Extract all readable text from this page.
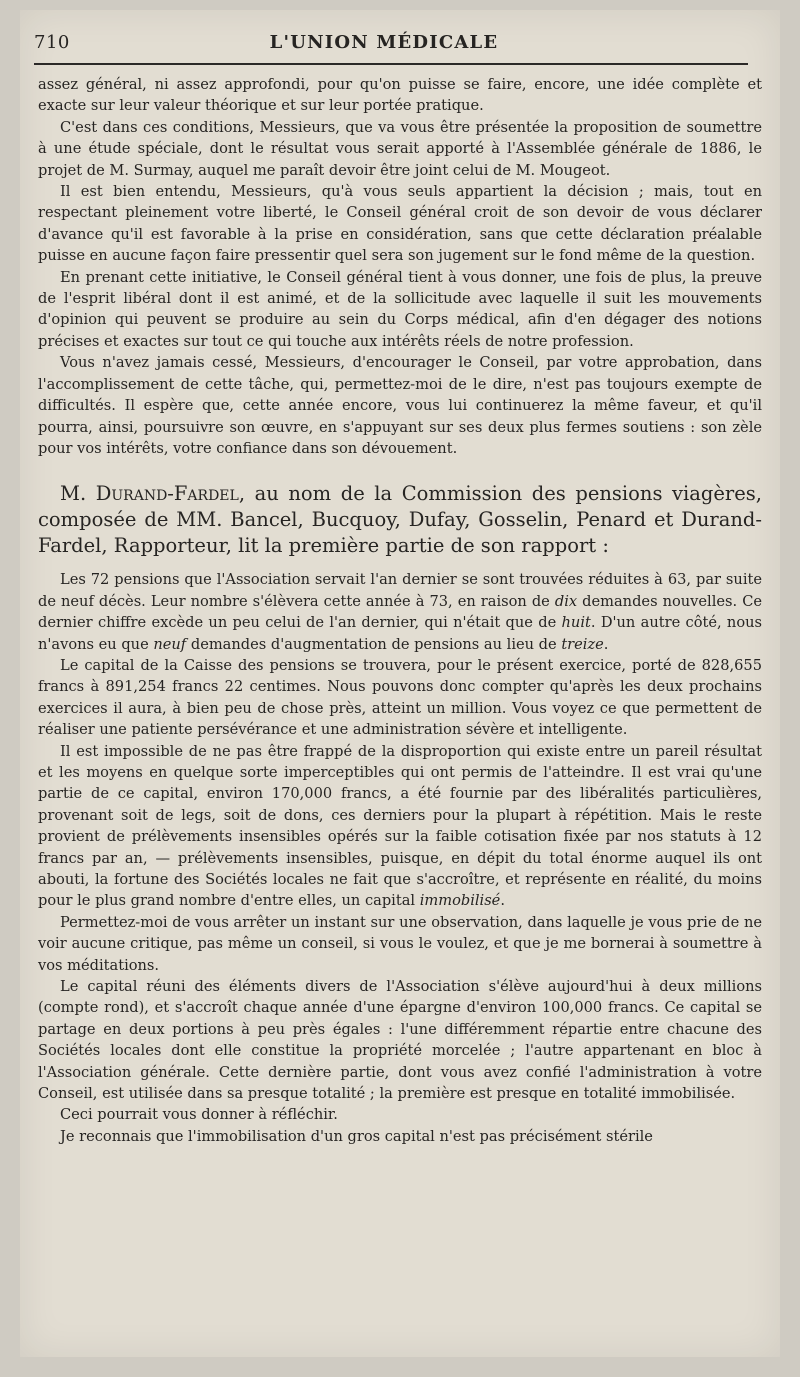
710	L'UNION MÉDICALE

assez général, ni assez approfondi, pour qu'on puisse se faire, encore, une idée complète et exacte sur leur valeur théorique et sur leur portée pratique.

C'est dans ces conditions, Messieurs, que va vous être présentée la proposition de soumettre à une étude spéciale, dont le résultat vous serait apporté à l'Assemblée générale de 1886, le projet de M. Surmay, auquel me paraît devoir être joint celui de M. Mougeot.

Il est bien entendu, Messieurs, qu'à vous seuls appartient la décision ; mais, tout en respectant pleinement votre liberté, le Conseil général croit de son devoir de vous déclarer d'avance qu'il est favorable à la prise en considération, sans que cette déclaration préalable puisse en aucune façon faire pressentir quel sera son jugement sur le fond même de la question.

En prenant cette initiative, le Conseil général tient à vous donner, une fois de plus, la preuve de l'esprit libéral dont il est animé, et de la sollicitude avec laquelle il suit les mouvements d'opinion qui peuvent se produire au sein du Corps médical, afin d'en dégager des notions précises et exactes sur tout ce qui touche aux intérêts réels de notre profession.

Vous n'avez jamais cessé, Messieurs, d'encourager le Conseil, par votre approbation, dans l'accomplissement de cette tâche, qui, permettez-moi de le dire, n'est pas toujours exempte de difficultés. Il espère que, cette année encore, vous lui continuerez la même faveur, et qu'il pourra, ainsi, poursuivre son œuvre, en s'appuyant sur ses deux plus fermes soutiens : son zèle pour vos intérêts, votre confiance dans son dévouement.

M. Durand-Fardel, au nom de la Commission des pensions viagères, composée de MM. Bancel, Bucquoy, Dufay, Gosselin, Penard et Durand-Fardel, Rapporteur, lit la première partie de son rapport :

Les 72 pensions que l'Association servait l'an dernier se sont trouvées réduites à 63, par suite de neuf décès. Leur nombre s'élèvera cette année à 73, en raison de dix demandes nouvelles. Ce dernier chiffre excède un peu celui de l'an dernier, qui n'était que de huit. D'un autre côté, nous n'avons eu que neuf demandes d'augmentation de pensions au lieu de treize.

Le capital de la Caisse des pensions se trouvera, pour le présent exercice, porté de 828,655 francs à 891,254 francs 22 centimes. Nous pouvons donc compter qu'après les deux prochains exercices il aura, à bien peu de chose près, atteint un million. Vous voyez ce que permettent de réaliser une patiente persévérance et une administration sévère et intelligente.

Il est impossible de ne pas être frappé de la disproportion qui existe entre un pareil résultat et les moyens en quelque sorte imperceptibles qui ont permis de l'atteindre. Il est vrai qu'une partie de ce capital, environ 170,000 francs, a été fournie par des libéralités particulières, provenant soit de legs, soit de dons, ces derniers pour la plupart à répétition. Mais le reste provient de prélèvements insensibles opérés sur la faible cotisation fixée par nos statuts à 12 francs par an, — prélèvements insensibles, puisque, en dépit du total énorme auquel ils ont abouti, la fortune des Sociétés locales ne fait que s'accroître, et représente en réalité, du moins pour le plus grand nombre d'entre elles, un capital immobilisé.

Permettez-moi de vous arrêter un instant sur une observation, dans laquelle je vous prie de ne voir aucune critique, pas même un conseil, si vous le voulez, et que je me bornerai à soumettre à vos méditations.

Le capital réuni des éléments divers de l'Association s'élève aujourd'hui à deux millions (compte rond), et s'accroît chaque année d'une épargne d'environ 100,000 francs. Ce capital se partage en deux portions à peu près égales : l'une différemment répartie entre chacune des Sociétés locales dont elle constitue la propriété morcelée ; l'autre appartenant en bloc à l'Association générale. Cette dernière partie, dont vous avez confié l'administration à votre Conseil, est utilisée dans sa presque totalité ; la première est presque en totalité immobilisée.

Ceci pourrait vous donner à réfléchir.

Je reconnais que l'immobilisation d'un gros capital n'est pas précisément stérile
